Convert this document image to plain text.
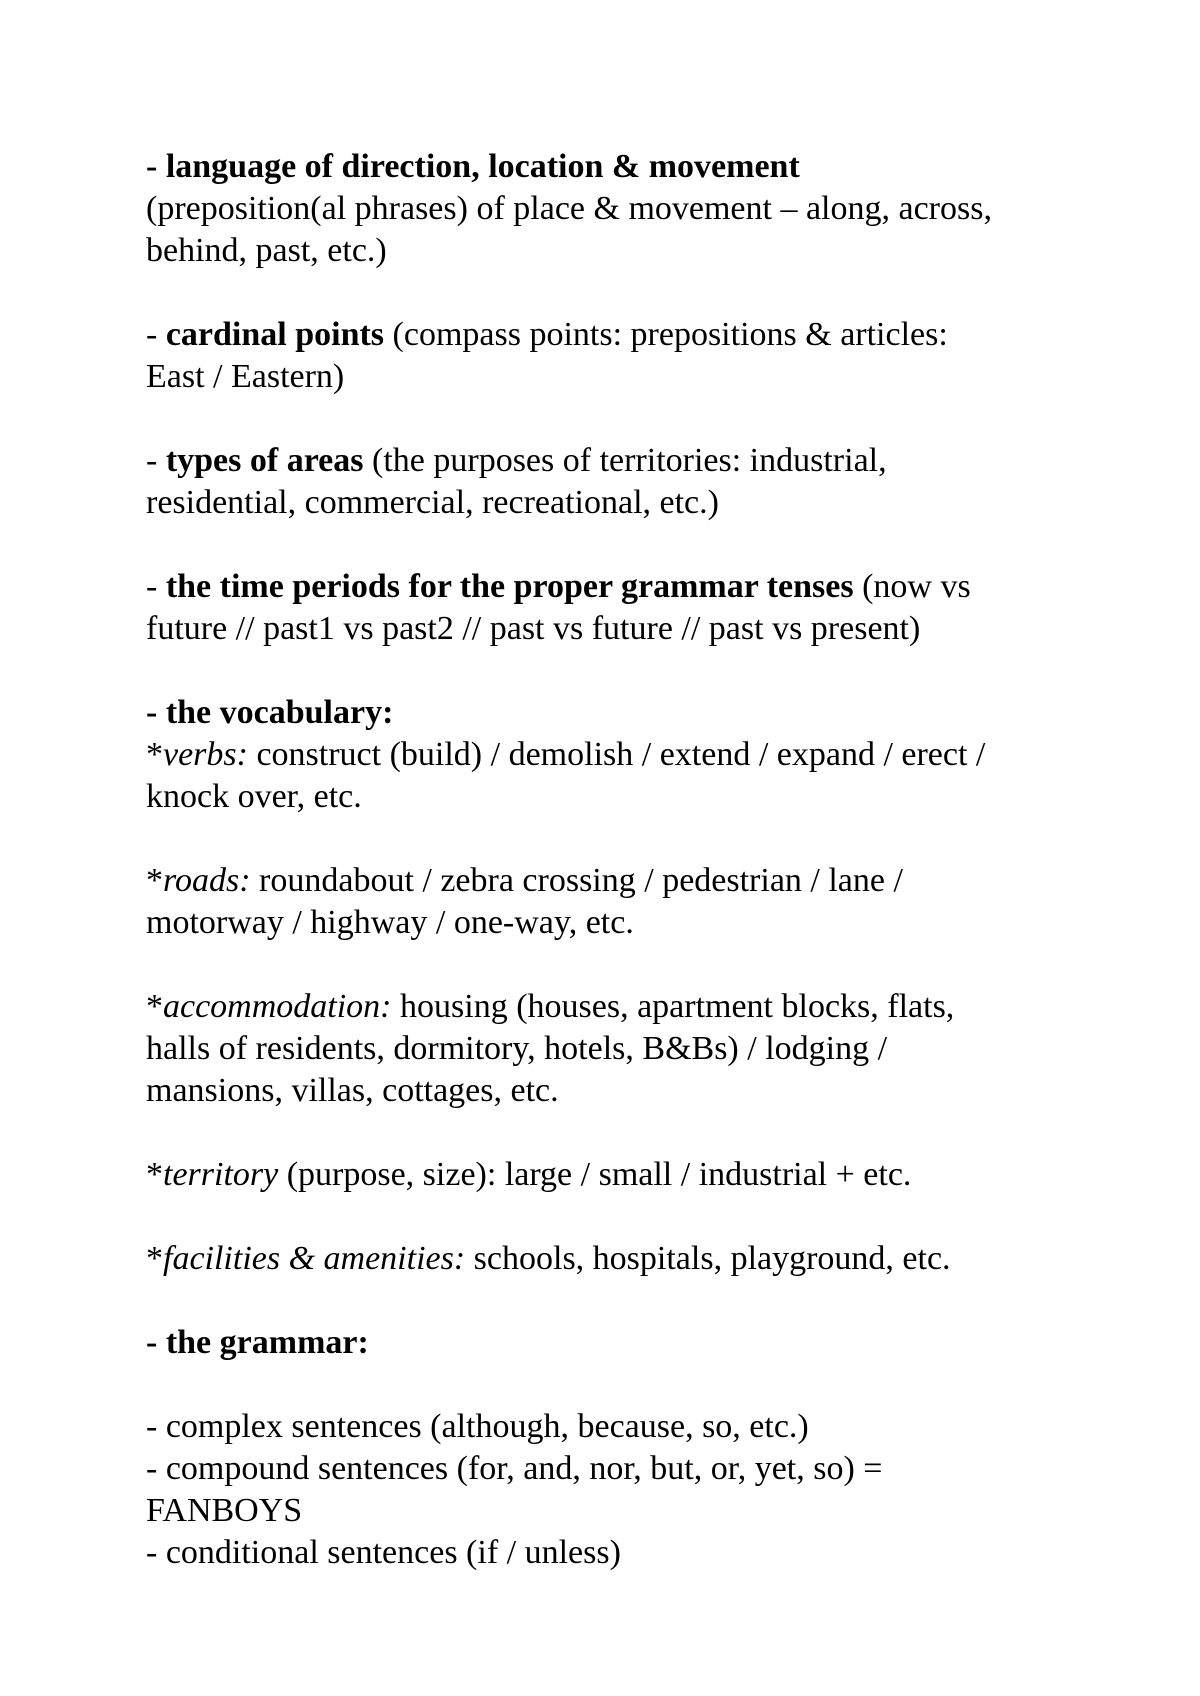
- language of direction, location & movement
(preposition(al phrases) of place & movement – along, across,
behind, past, etc.)
- cardinal points (compass points: prepositions & articles:
East / Eastern)
- types of areas (the purposes of territories: industrial,
residential, commercial, recreational, etc.)
- the time periods for the proper grammar tenses (now vs
future // past1 vs past2 // past vs future // past vs present)
- the vocabulary:
*verbs: construct (build) / demolish / extend / expand / erect /
knock over, etc.
*roads: roundabout / zebra crossing / pedestrian / lane /
motorway / highway / one-way, etc.
*accommodation: housing (houses, apartment blocks, flats,
halls of residents, dormitory, hotels, B&Bs) / lodging /
mansions, villas, cottages, etc.
*territory (purpose, size): large / small / industrial + etc.
*facilities & amenities: schools, hospitals, playground, etc.
- the grammar:
- complex sentences (although, because, so, etc.)
- compound sentences (for, and, nor, but, or, yet, so) =
FANBOYS
- conditional sentences (if / unless)
